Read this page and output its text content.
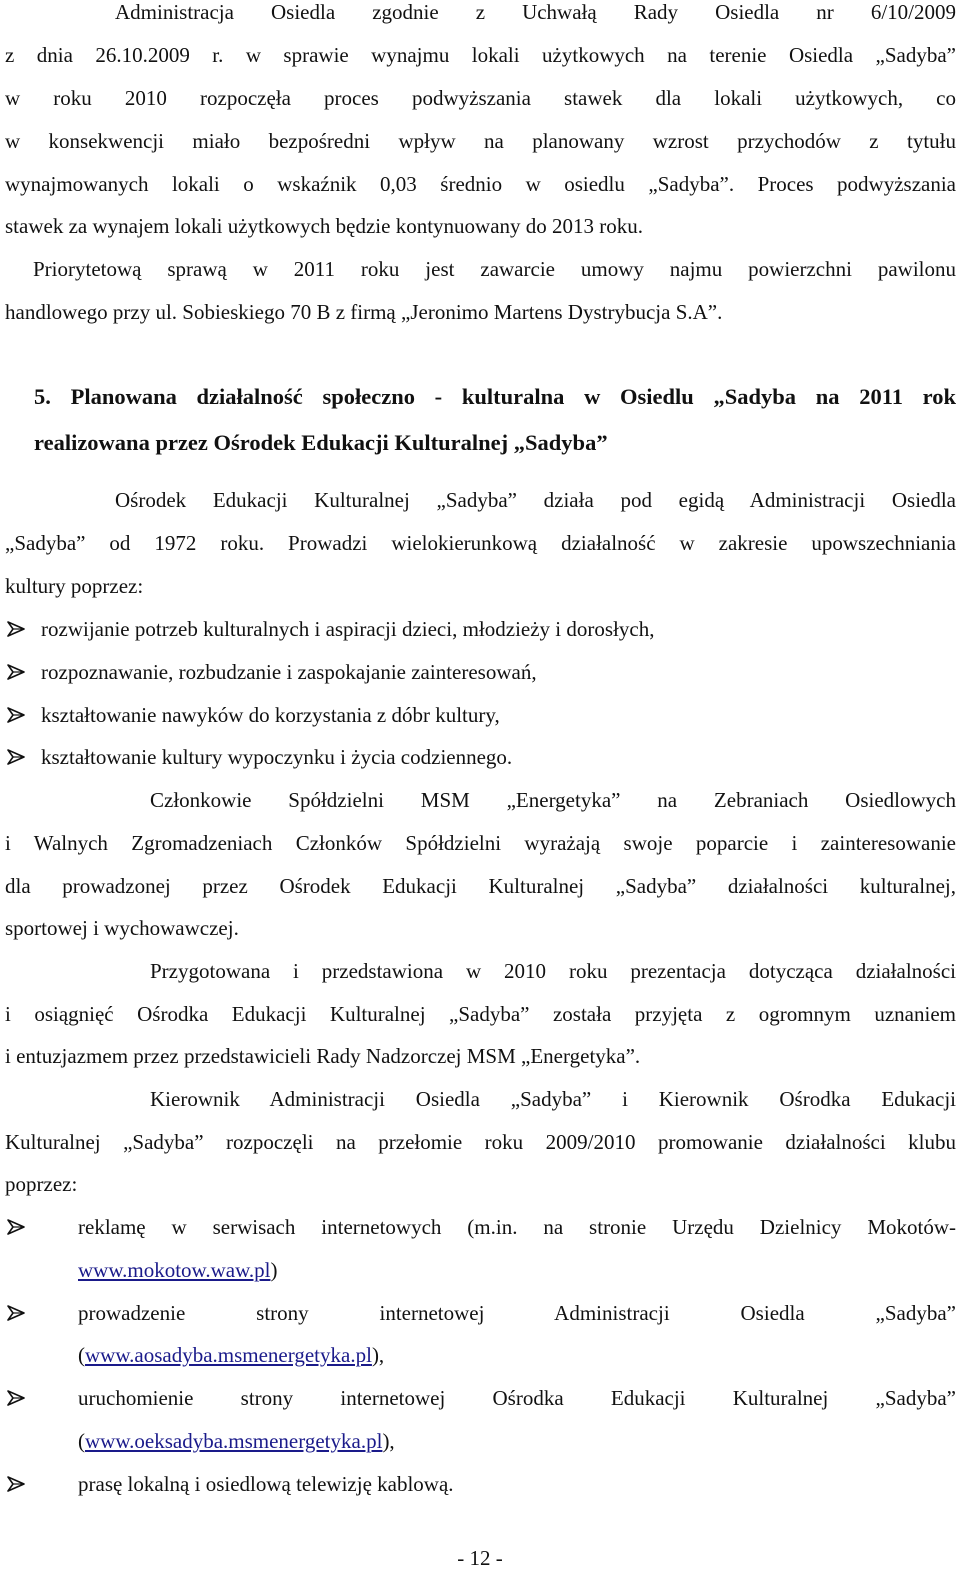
Administracja Osiedla zgodnie z Uchwałą Rady Osiedla nr 6/10/2009
z dnia 26.10.2009 r. w sprawie wynajmu lokali użytkowych na terenie Osiedla „Sadyba”
w roku 2010 rozpoczęła proces podwyższania stawek dla lokali użytkowych, co
w konsekwencji miało bezpośredni wpływ na planowany wzrost przychodów z tytułu
wynajmowanych lokali o wskaźnik 0,03 średnio w osiedlu „Sadyba”. Proces podwyższania
stawek za wynajem lokali użytkowych będzie kontynuowany do 2013 roku.
Priorytetową sprawą w 2011 roku jest zawarcie umowy najmu powierzchni pawilonu
handlowego przy ul. Sobieskiego 70 B z firmą „Jeronimo Martens Dystrybucja S.A”.
5. Planowana działalność społeczno - kulturalna w Osiedlu „Sadyba na 2011 rok
realizowana przez Ośrodek Edukacji Kulturalnej „Sadyba”
Ośrodek Edukacji Kulturalnej „Sadyba” działa pod egidą Administracji Osiedla
„Sadyba” od 1972 roku. Prowadzi wielokierunkową działalność w zakresie upowszechniania
kultury poprzez:
rozwijanie potrzeb kulturalnych i aspiracji dzieci, młodzieży i dorosłych,
rozpoznawanie, rozbudzanie i zaspokajanie zainteresowań,
kształtowanie nawyków do korzystania z dóbr kultury,
kształtowanie kultury wypoczynku i życia codziennego.
Członkowie Spółdzielni MSM „Energetyka” na Zebraniach Osiedlowych
i Walnych Zgromadzeniach Członków Spółdzielni wyrażają swoje poparcie i zainteresowanie
dla prowadzonej przez Ośrodek Edukacji Kulturalnej „Sadyba” działalności kulturalnej,
sportowej i wychowawczej.
Przygotowana i przedstawiona w 2010 roku prezentacja dotycząca działalności
i osiągnięć Ośrodka Edukacji Kulturalnej „Sadyba” została przyjęta z ogromnym uznaniem
i entuzjazmem przez przedstawicieli Rady Nadzorczej MSM „Energetyka”.
Kierownik Administracji Osiedla „Sadyba” i Kierownik Ośrodka Edukacji
Kulturalnej „Sadyba” rozpoczęli na przełomie roku 2009/2010 promowanie działalności klubu
poprzez:
reklamę w serwisach internetowych (m.in. na stronie Urzędu Dzielnicy Mokotów-
www.mokotow.waw.pl)
prowadzenie strony internetowej Administracji Osiedla „Sadyba”
(www.aosadyba.msmenergetyka.pl),
uruchomienie strony internetowej Ośrodka Edukacji Kulturalnej „Sadyba”
(www.oeksadyba.msmenergetyka.pl),
prasę lokalną i osiedlową telewizję kablową.
- 12 -
